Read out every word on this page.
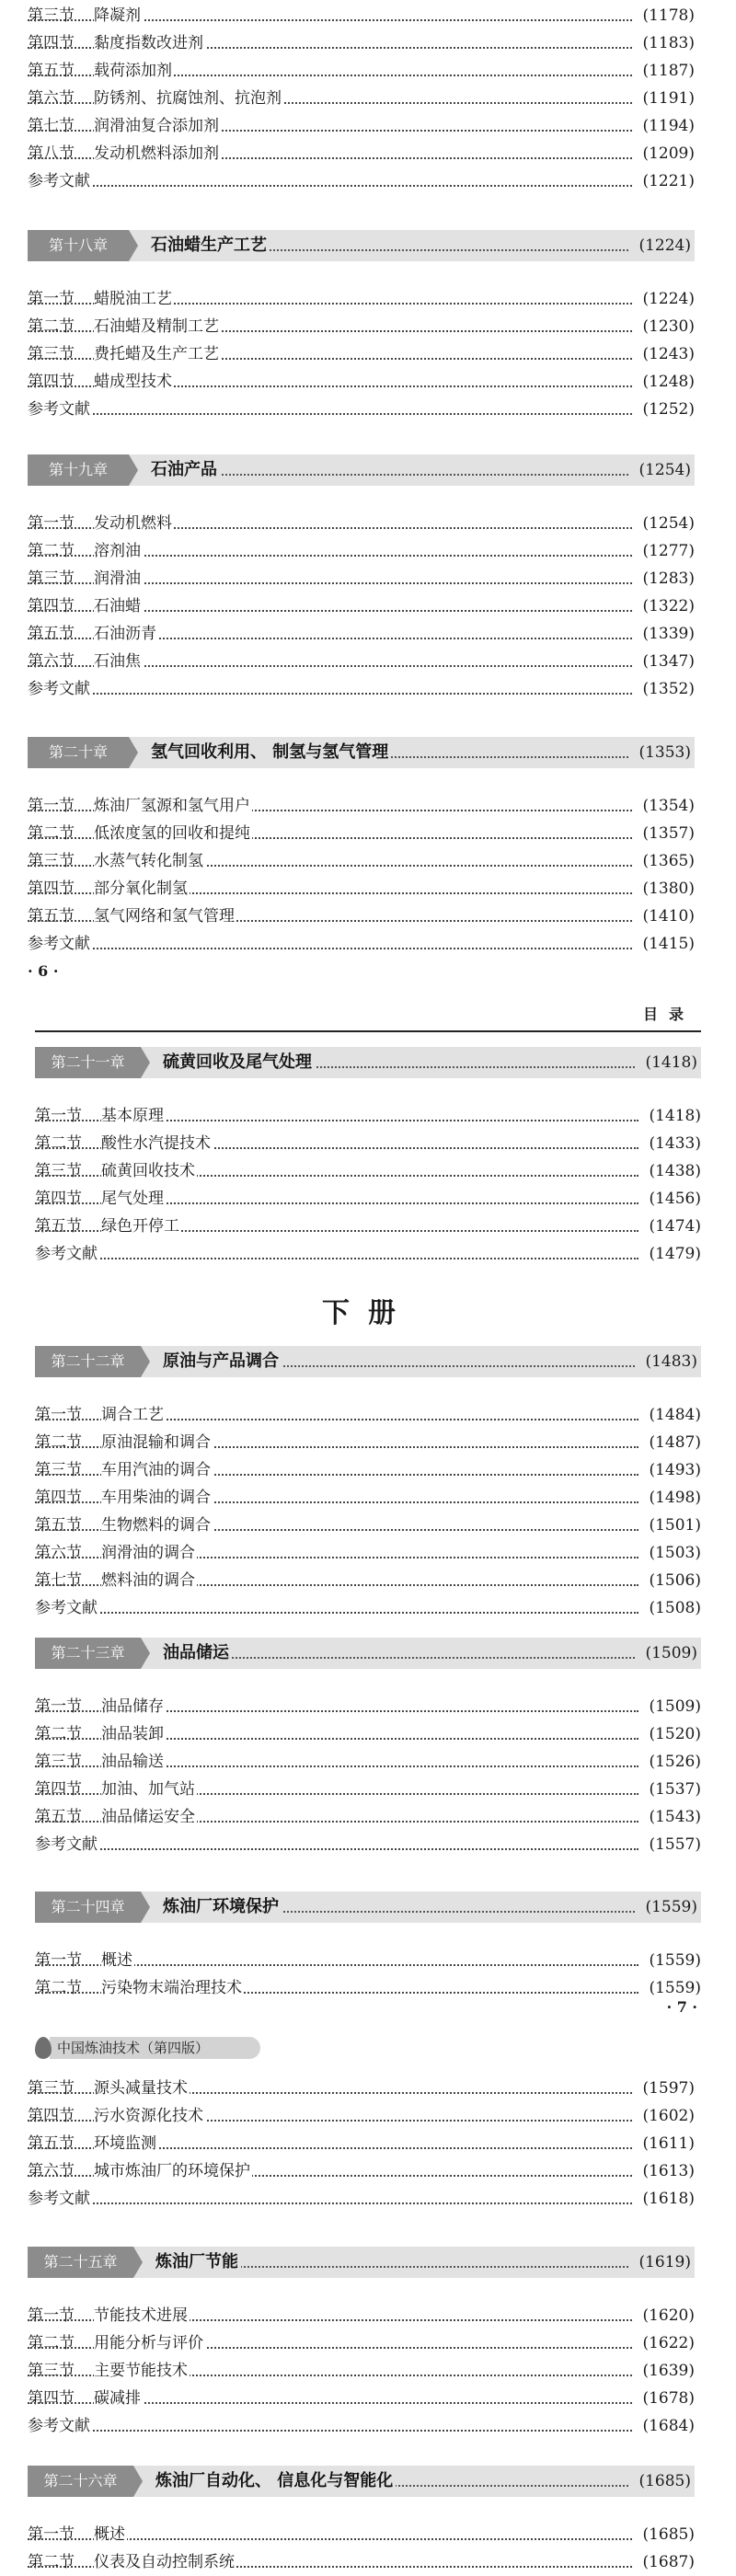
第三节 降凝剂	(1178)
第四节 黏度指数改进剂	(1183)
第五节 载荷添加剂	(1187)
第六节 防锈剂、抗腐蚀剂、抗泡剂	(1191)
第七节 润滑油复合添加剂	(1194)
第八节 发动机燃料添加剂	(1209)
参考文献	(1221)
第十八章	石油蜡生产工艺	(1224)
第一节 蜡脱油工艺	(1224)
第二节 石油蜡及精制工艺	(1230)
第三节 费托蜡及生产工艺	(1243)
第四节 蜡成型技术	(1248)
参考文献	(1252)
第十九章	石油产品	(1254)
第一节 发动机燃料	(1254)
第二节 溶剂油	(1277)
第三节 润滑油	(1283)
第四节 石油蜡	(1322)
第五节 石油沥青	(1339)
第六节 石油焦	(1347)
参考文献	(1352)
第二十章	氢气回收利用、 制氢与氢气管理	(1353)
第一节 炼油厂氢源和氢气用户	(1354)
第二节 低浓度氢的回收和提纯	(1357)
第三节 水蒸气转化制氢	(1365)
第四节 部分氧化制氢	(1380)
第五节 氢气网络和氢气管理	(1410)
参考文献	(1415)
· 6 ·
目录
第二十一章	硫黄回收及尾气处理	(1418)
第一节 基本原理	(1418)
第二节 酸性水汽提技术	(1433)
第三节 硫黄回收技术	(1438)
第四节 尾气处理	(1456)
第五节 绿色开停工	(1474)
参考文献	(1479)
下册
第二十二章	原油与产品调合	(1483)
第一节 调合工艺	(1484)
第二节 原油混输和调合	(1487)
第三节 车用汽油的调合	(1493)
第四节 车用柴油的调合	(1498)
第五节 生物燃料的调合	(1501)
第六节 润滑油的调合	(1503)
第七节 燃料油的调合	(1506)
参考文献	(1508)
第二十三章	油品储运	(1509)
第一节 油品储存	(1509)
第二节 油品装卸	(1520)
第三节 油品输送	(1526)
第四节 加油、加气站	(1537)
第五节 油品储运安全	(1543)
参考文献	(1557)
第二十四章	炼油厂环境保护	(1559)
第一节 概述	(1559)
第二节 污染物末端治理技术	(1559)
· 7 ·
中国炼油技术（第四版）
第三节 源头减量技术	(1597)
第四节 污水资源化技术	(1602)
第五节 环境监测	(1611)
第六节 城市炼油厂的环境保护	(1613)
参考文献	(1618)
第二十五章	炼油厂节能	(1619)
第一节 节能技术进展	(1620)
第二节 用能分析与评价	(1622)
第三节 主要节能技术	(1639)
第四节 碳减排	(1678)
参考文献	(1684)
第二十六章	炼油厂自动化、 信息化与智能化	(1685)
第一节 概述	(1685)
第二节 仪表及自动控制系统	(1687)
